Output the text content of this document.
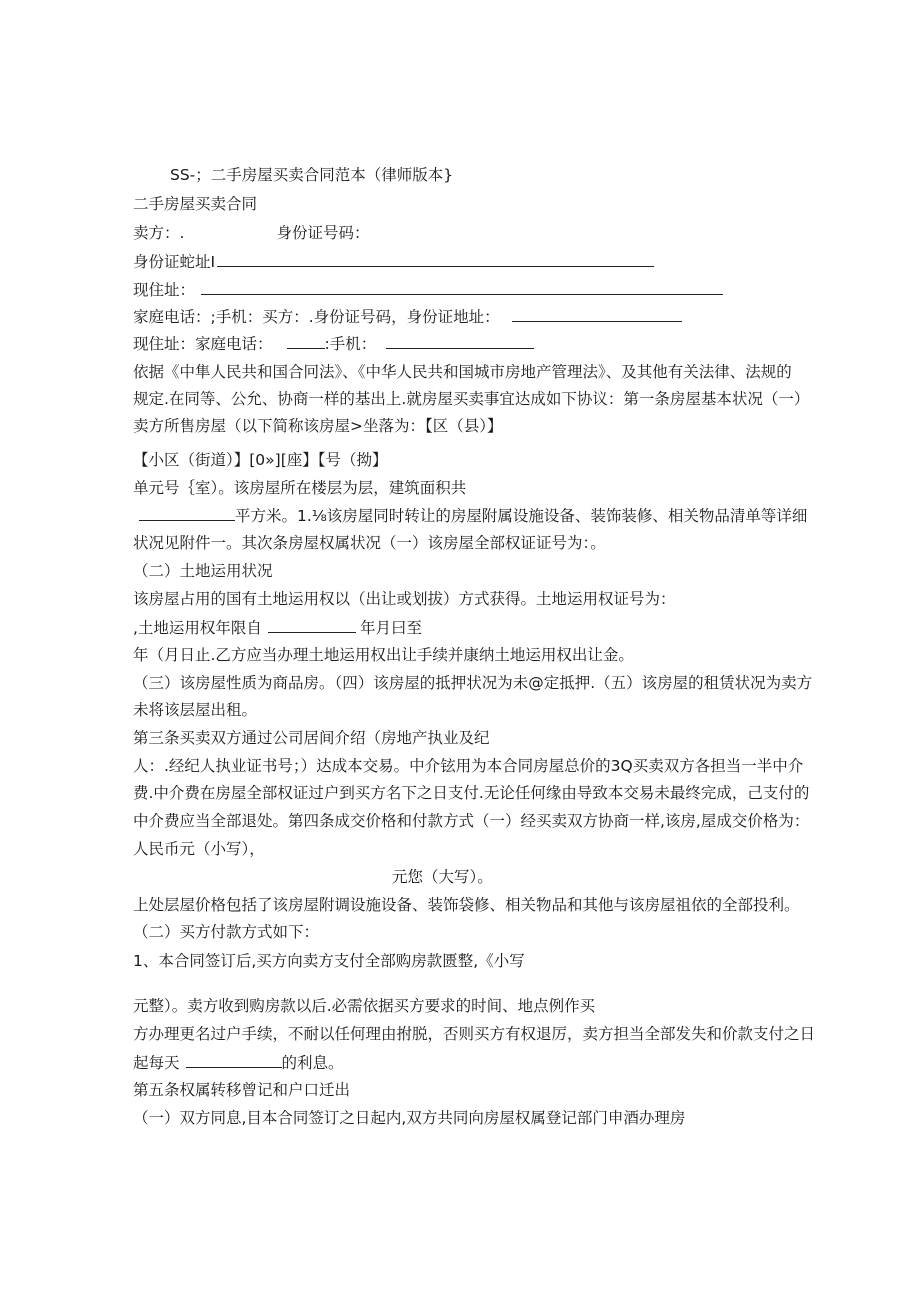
SS-；二手房屋买卖合同范本（律师版本}
二手房屋买卖合同
卖方：.	身份证号码：
身份证蛇址I
现住址：
家庭电话：;手机：买方：.身份证号码，身份证地址：
现住址：家庭电话：	:手机：
依据《中隼人民共和国合冋法》、《中华人民共和国城市房地产管理法》、及其他有关法律、法规的
规定.在同等、公允、协商一样的基出上.就房屋买卖事宜达成如下协议：第一条房屋基本状况（一）
卖方所售房屋（以下简称该房屋>坐落为：【区（县）】
【小区（街道）】[0»][座】【号（拗】
单元号｛室）。该房屋所在楼层为层，建筑面积共
平方米。1.⅛该房屋同时转让的房屋附属设施设备、装饰装修、相关物品清单等详细
状况见附件一。其次条房屋权属状况（一）该房屋全部权证证号为：。
（二）土地运用状况
该房屋占用的国有土地运用权以（出让或划拔）方式获得。土地运用权证号为：
,土地运用权年限自	年月曰至
年（月日止.乙方应当办理土地运用权出让手续并康纳土地运用权出让金。
（三）该房屋性质为商品房。（四）该房屋的抵押状况为未@定抵押.（五）该房屋的租赁状况为卖方
未将该层屋出租。
第三条买卖双方通过公司居间介绍（房地产执业及纪
人：.经纪人执业证书号；）达成本交易。中介铉用为本合同房屋总价的3Q买卖双方各担当一半中介
费.中介费在房屋全部权证过户到买方名下之日支付.无论任何缘由导致本交易未最终完成，己支付的
中介费应当全部退处。第四条成交价格和付款方式（一）经买卖双方协商一样,该房,屋成交价格为：
人民币元（小写），
元您（大写）。
上处层屋价格包括了该房屋附调设施设备、装饰袋修、相关物品和其他与该房屋祖依的全部投利。
（二）买方付款方式如下：
1、本合同签订后,买方向卖方支付全部购房款匮整,《小写
元整）。卖方收到购房款以后.必需依据买方要求的时间、地点例作买
方办理更名过户手续，不耐以任何理由拊脱，否则买方有权退厉，卖方担当全部发失和价款支付之日
起每天	的利息。
第五条权属转移曾记和户口迁出
（一）双方同息,目本合同签订之日起内,双方共同向房屋权属登记部门申酒办理房
